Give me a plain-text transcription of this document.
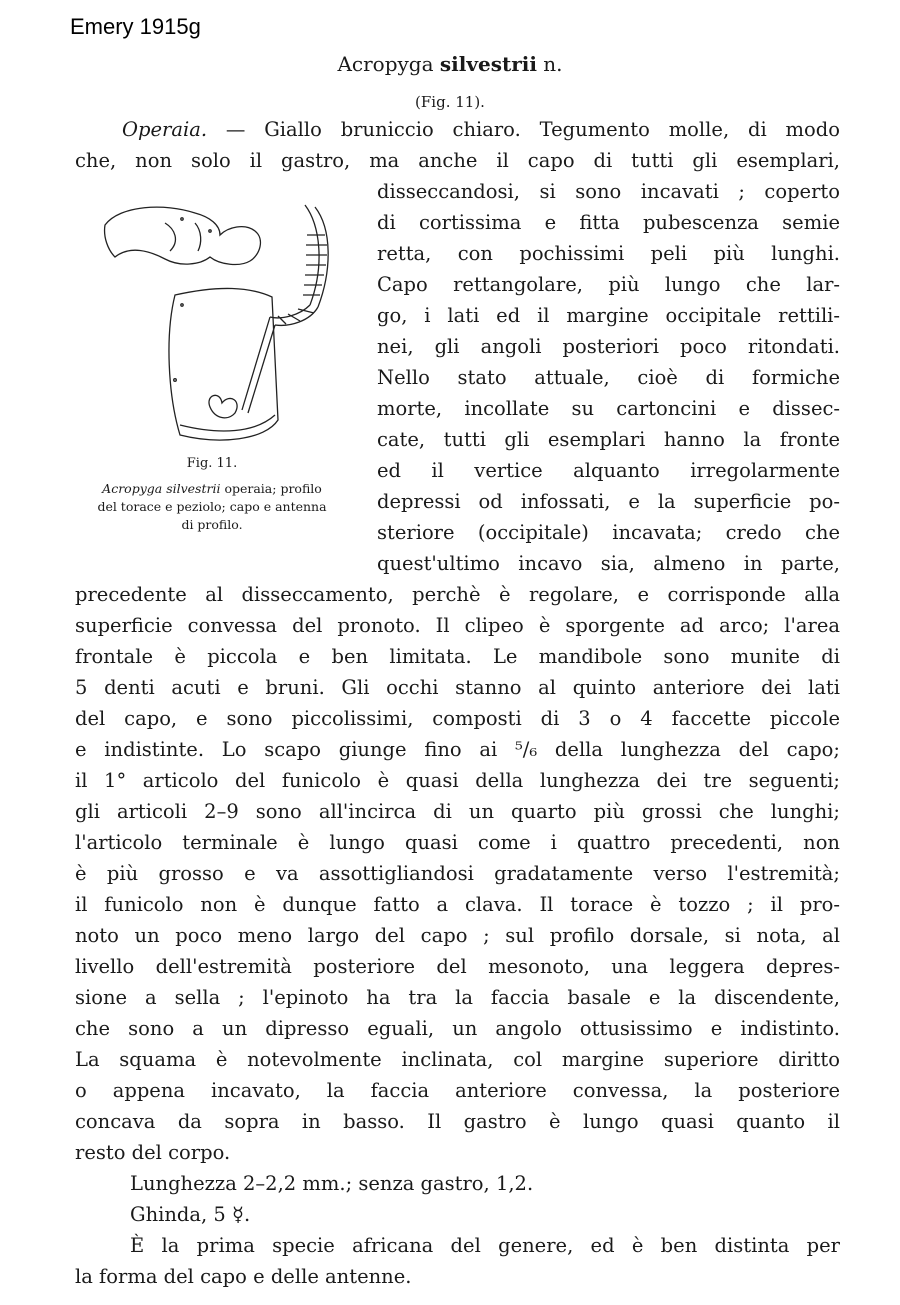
Emery 1915g
Acropyga silvestrii n.
(Fig. 11).
Fig. 11.
Acropyga silvestrii operaia; profilo
del torace e peziolo; capo e antenna
di profilo.
Operaia. — Giallo bruniccio chiaro. Tegumento molle, di modo
che, non solo il gastro, ma anche il capo di tutti gli esemplari,
disseccandosi, si sono incavati ; coperto
di cortissima e fitta pubescenza semie
retta, con pochissimi peli più lunghi.
Capo rettangolare, più lungo che lar-
go, i lati ed il margine occipitale rettili-
nei, gli angoli posteriori poco ritondati.
Nello stato attuale, cioè di formiche
morte, incollate su cartoncini e dissec-
cate, tutti gli esemplari hanno la fronte
ed il vertice alquanto irregolarmente
depressi od infossati, e la superficie po-
steriore (occipitale) incavata; credo che
quest'ultimo incavo sia, almeno in parte,
precedente al disseccamento, perchè è regolare, e corrisponde alla
superficie convessa del pronoto. Il clipeo è sporgente ad arco; l'area
frontale è piccola e ben limitata. Le mandibole sono munite di
5 denti acuti e bruni. Gli occhi stanno al quinto anteriore dei lati
del capo, e sono piccolissimi, composti di 3 o 4 faccette piccole
e indistinte. Lo scapo giunge fino ai ⁵/₆ della lunghezza del capo;
il 1° articolo del funicolo è quasi della lunghezza dei tre seguenti;
gli articoli 2–9 sono all'incirca di un quarto più grossi che lunghi;
l'articolo terminale è lungo quasi come i quattro precedenti, non
è più grosso e va assottigliandosi gradatamente verso l'estremità;
il funicolo non è dunque fatto a clava. Il torace è tozzo ; il pro-
noto un poco meno largo del capo ; sul profilo dorsale, si nota, al
livello dell'estremità posteriore del mesonoto, una leggera depres-
sione a sella ; l'epinoto ha tra la faccia basale e la discendente,
che sono a un dipresso eguali, un angolo ottusissimo e indistinto.
La squama è notevolmente inclinata, col margine superiore diritto
o appena incavato, la faccia anteriore convessa, la posteriore
concava da sopra in basso. Il gastro è lungo quasi quanto il
resto del corpo.
Lunghezza 2–2,2 mm.; senza gastro, 1,2.
Ghinda, 5 ☿.
È la prima specie africana del genere, ed è ben distinta per
la forma del capo e delle antenne.
